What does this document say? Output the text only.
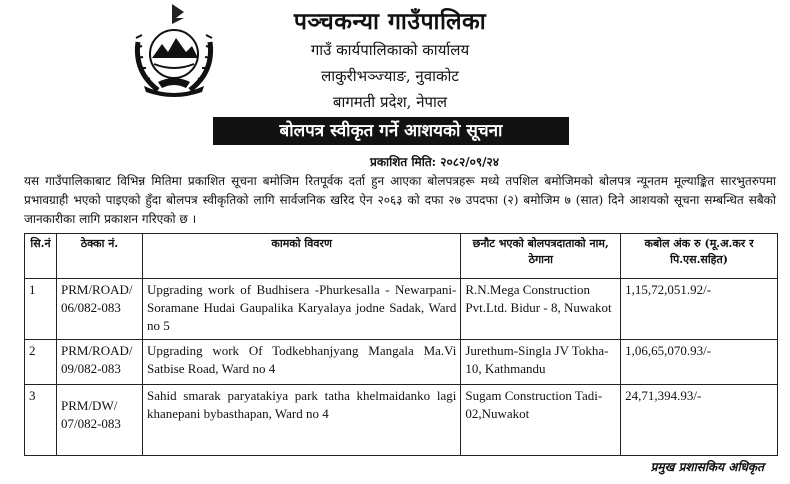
पञ्चकन्या गाउँपालिका
गाउँ कार्यपालिकाको कार्यालय
लाकुरीभञ्ज्याङ, नुवाकोट
बागमती प्रदेश, नेपाल
बोलपत्र स्वीकृत गर्ने आशयको सूचना
प्रकाशित मिति: २०८२/०९/२४

यस गाउँपालिकाबाट विभिन्न मितिमा प्रकाशित सूचना बमोजिम रितपूर्वक दर्ता हुन आएका बोलपत्रहरू मध्ये तपशिल बमोजिमको बोलपत्र न्यूनतम मूल्याङ्कित सारभुतरुपमा प्रभावग्राही भएको पाइएको हुँदा बोलपत्र स्वीकृतिको लागि सार्वजनिक खरिद ऐन २०६३ को दफा २७ उपदफा (२) बमोजिम ७ (सात) दिने आशयको सूचना सम्बन्धित सबैको जानकारीका लागि प्रकाशन गरिएको छ ।

सि.नं	ठेक्का नं.	कामको विवरण	छनौट भएको बोलपत्रदाताको नाम, ठेगाना	कबोल अंक रु (मू.अ.कर र पि.एस.सहित)
1	PRM/ROAD/ 06/082-083	Upgrading work of Budhisera -Phurkesalla - Newarpani-Soramane Hudai Gaupalika Karyalaya jodne Sadak, Ward no 5	R.N.Mega Construction Pvt.Ltd. Bidur - 8, Nuwakot	1,15,72,051.92/-
2	PRM/ROAD/ 09/082-083	Upgrading work Of Todkebhanjyang Mangala Ma.Vi Satbise Road, Ward no 4	Jurethum-Singla JV Tokha-10, Kathmandu	1,06,65,070.93/-
3	PRM/DW/ 07/082-083	Sahid smarak paryatakiya park tatha khelmaidanko lagi khanepani bybasthapan, Ward no 4	Sugam Construction Tadi-02,Nuwakot	24,71,394.93/-
प्रमुख प्रशासकिय अधिकृत
